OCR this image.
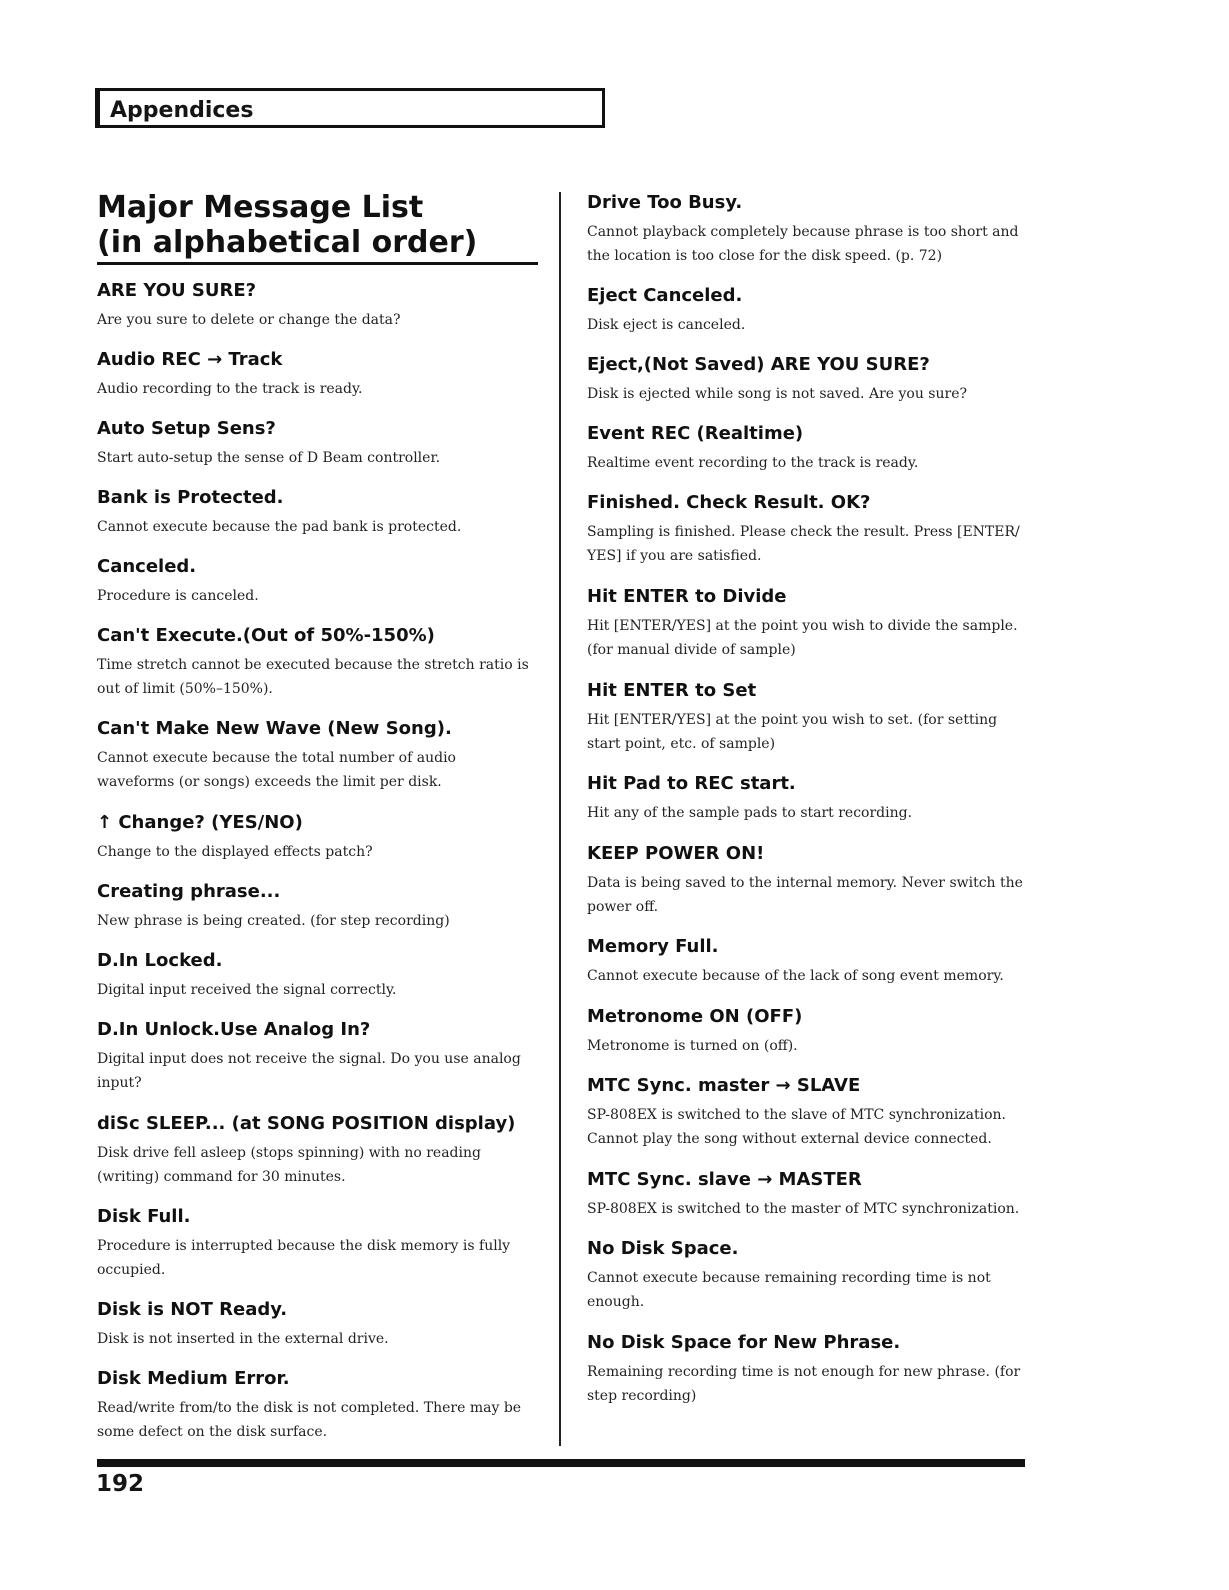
Appendices
Major Message List
(in alphabetical order)
ARE YOU SURE?

Are you sure to delete or change the data?

Audio REC → Track

Audio recording to the track is ready.

Auto Setup Sens?

Start auto-setup the sense of D Beam controller.

Bank is Protected.

Cannot execute because the pad bank is protected.

Canceled.

Procedure is canceled.

Can't Execute.(Out of 50%-150%)

Time stretch cannot be executed because the stretch ratio is out of limit (50%–150%).

Can't Make New Wave (New Song).

Cannot execute because the total number of audio waveforms (or songs) exceeds the limit per disk.

↑ Change? (YES/NO)

Change to the displayed effects patch?

Creating phrase...

New phrase is being created. (for step recording)

D.In Locked.

Digital input received the signal correctly.

D.In Unlock.Use Analog In?

Digital input does not receive the signal. Do you use analog input?

diSc SLEEP... (at SONG POSITION display)

Disk drive fell asleep (stops spinning) with no reading (writing) command for 30 minutes.

Disk Full.

Procedure is interrupted because the disk memory is fully occupied.

Disk is NOT Ready.

Disk is not inserted in the external drive.

Disk Medium Error.

Read/write from/to the disk is not completed. There may be some defect on the disk surface.

Drive Too Busy.

Cannot playback completely because phrase is too short and the location is too close for the disk speed. (p. 72)

Eject Canceled.

Disk eject is canceled.

Eject,(Not Saved) ARE YOU SURE?

Disk is ejected while song is not saved. Are you sure?

Event REC (Realtime)

Realtime event recording to the track is ready.

Finished. Check Result. OK?

Sampling is finished. Please check the result. Press [ENTER/ YES] if you are satisfied.

Hit ENTER to Divide

Hit [ENTER/YES] at the point you wish to divide the sample. (for manual divide of sample)

Hit ENTER to Set

Hit [ENTER/YES] at the point you wish to set. (for setting start point, etc. of sample)

Hit Pad to REC start.

Hit any of the sample pads to start recording.

KEEP POWER ON!

Data is being saved to the internal memory. Never switch the power off.

Memory Full.

Cannot execute because of the lack of song event memory.

Metronome ON (OFF)

Metronome is turned on (off).

MTC Sync. master → SLAVE

SP-808EX is switched to the slave of MTC synchronization. Cannot play the song without external device connected.

MTC Sync. slave → MASTER

SP-808EX is switched to the master of MTC synchronization.

No Disk Space.

Cannot execute because remaining recording time is not enough.

No Disk Space for New Phrase.

Remaining recording time is not enough for new phrase. (for step recording)

192
